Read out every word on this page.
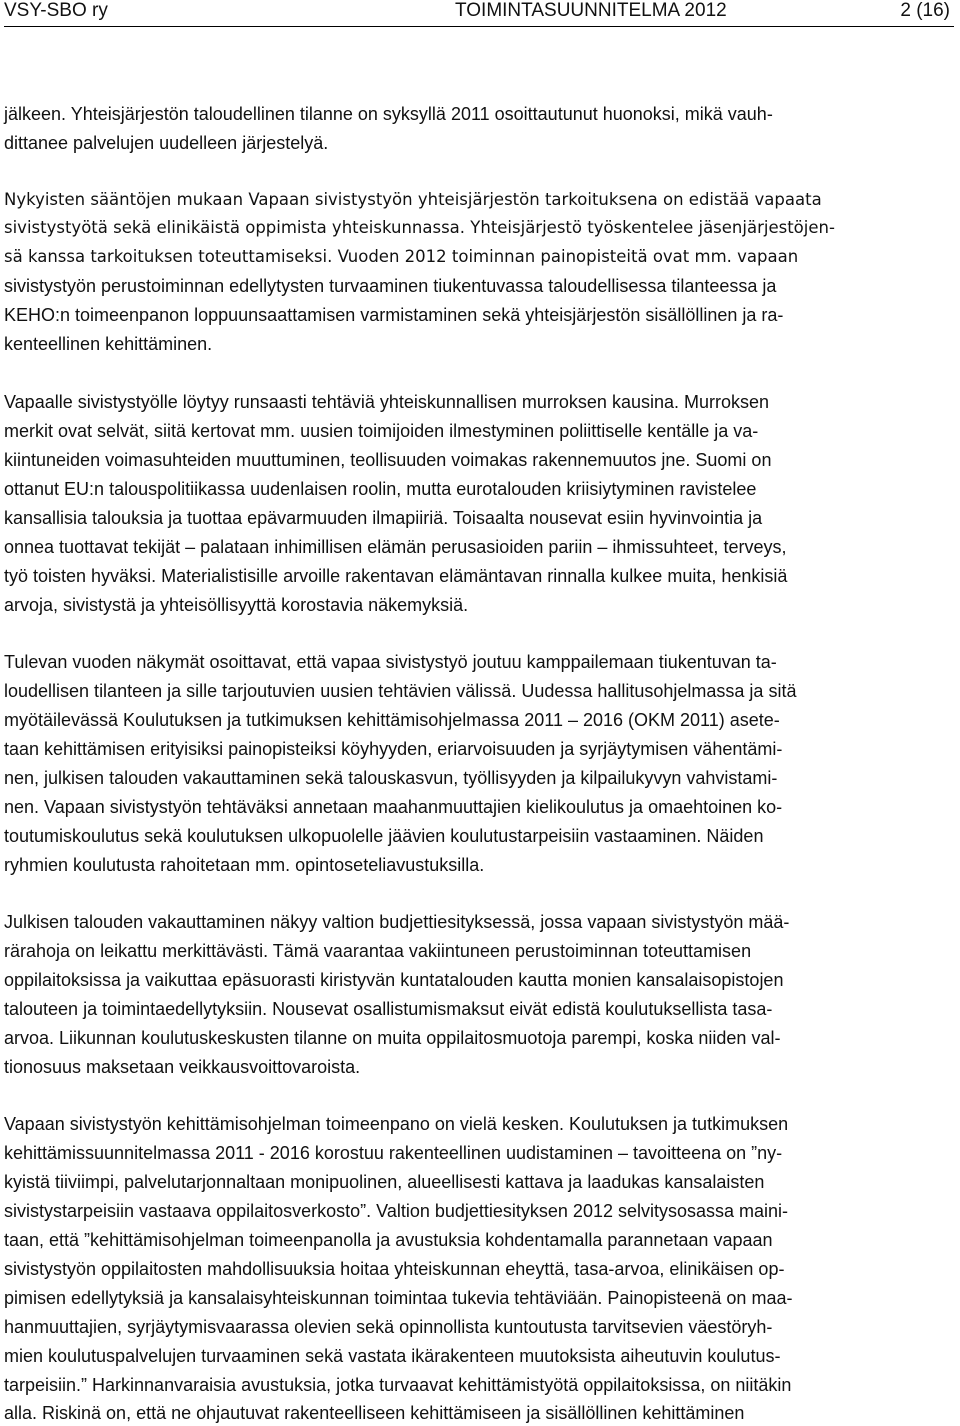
VSY-SBO ry	TOIMINTASUUNNITELMA 2012	2 (16)
jälkeen. Yhteisjärjestön taloudellinen tilanne on syksyllä 2011 osoittautunut huonoksi, mikä vauh-
dittanee palvelujen uudelleen järjestelyä.
Nykyisten sääntöjen mukaan Vapaan sivistystyön yhteisjärjestön tarkoituksena on edistää vapaata
sivistystyötä sekä elinikäistä oppimista yhteiskunnassa. Yhteisjärjestö työskentelee jäsenjärjestöjen-
sä kanssa tarkoituksen toteuttamiseksi. Vuoden 2012 toiminnan painopisteitä ovat mm. vapaan
sivistystyön perustoiminnan edellytysten turvaaminen tiukentuvassa taloudellisessa tilanteessa ja
KEHO:n toimeenpanon loppuunsaattamisen varmistaminen sekä yhteisjärjestön sisällöllinen ja ra-
kenteellinen kehittäminen.
Vapaalle sivistystyölle löytyy runsaasti tehtäviä yhteiskunnallisen murroksen kausina. Murroksen
merkit ovat selvät, siitä kertovat mm. uusien toimijoiden ilmestyminen poliittiselle kentälle ja va-
kiintuneiden voimasuhteiden muuttuminen, teollisuuden voimakas rakennemuutos jne. Suomi on
ottanut EU:n talouspolitiikassa uudenlaisen roolin, mutta eurotalouden kriisiytyminen ravistelee
kansallisia talouksia ja tuottaa epävarmuuden ilmapiiriä. Toisaalta nousevat esiin hyvinvointia ja
onnea tuottavat tekijät – palataan inhimillisen elämän perusasioiden pariin – ihmissuhteet, terveys,
työ toisten hyväksi. Materialistisille arvoille rakentavan elämäntavan rinnalla kulkee muita, henkisiä
arvoja, sivistystä ja yhteisöllisyyttä korostavia näkemyksiä.
Tulevan vuoden näkymät osoittavat, että vapaa sivistystyö joutuu kamppailemaan tiukentuvan ta-
loudellisen tilanteen ja sille tarjoutuvien uusien tehtävien välissä. Uudessa hallitusohjelmassa ja sitä
myötäilevässä Koulutuksen ja tutkimuksen kehittämisohjelmassa 2011 – 2016 (OKM 2011) asete-
taan kehittämisen erityisiksi painopisteiksi köyhyyden, eriarvoisuuden ja syrjäytymisen vähentämi-
nen, julkisen talouden vakauttaminen sekä talouskasvun, työllisyyden ja kilpailukyvyn vahvistami-
nen. Vapaan sivistystyön tehtäväksi annetaan maahanmuuttajien kielikoulutus ja omaehtoinen ko-
toutumiskoulutus sekä koulutuksen ulkopuolelle jäävien koulutustarpeisiin vastaaminen. Näiden
ryhmien koulutusta rahoitetaan mm. opintoseteliavustuksilla.
Julkisen talouden vakauttaminen näkyy valtion budjettiesityksessä, jossa vapaan sivistystyön mää-
rärahoja on leikattu merkittävästi. Tämä vaarantaa vakiintuneen perustoiminnan toteuttamisen
oppilaitoksissa ja vaikuttaa epäsuorasti kiristyvän kuntatalouden kautta monien kansalaisopistojen
talouteen ja toimintaedellytyksiin. Nousevat osallistumismaksut eivät edistä koulutuksellista tasa-
arvoa. Liikunnan koulutuskeskusten tilanne on muita oppilaitosmuotoja parempi, koska niiden val-
tionosuus maksetaan veikkausvoittovaroista.
Vapaan sivistystyön kehittämisohjelman toimeenpano on vielä kesken. Koulutuksen ja tutkimuksen
kehittämissuunnitelmassa 2011 - 2016 korostuu rakenteellinen uudistaminen – tavoitteena on ”ny-
kyistä tiiviimpi, palvelutarjonnaltaan monipuolinen, alueellisesti kattava ja laadukas kansalaisten
sivistystarpeisiin vastaava oppilaitosverkosto”. Valtion budjettiesityksen 2012 selvitysosassa maini-
taan, että ”kehittämisohjelman toimeenpanolla ja avustuksia kohdentamalla parannetaan vapaan
sivistystyön oppilaitosten mahdollisuuksia hoitaa yhteiskunnan eheyttä, tasa-arvoa, elinikäisen op-
pimisen edellytyksiä ja kansalaisyhteiskunnan toimintaa tukevia tehtäviään. Painopisteenä on maa-
hanmuuttajien, syrjäytymisvaarassa olevien sekä opinnollista kuntoutusta tarvitsevien väestöryh-
mien koulutuspalvelujen turvaaminen sekä vastata ikärakenteen muutoksista aiheutuvin koulutus-
tarpeisiin.” Harkinnanvaraisia avustuksia, jotka turvaavat kehittämistyötä oppilaitoksissa, on niitäkin
alla. Riskinä on, että ne ohjautuvat rakenteelliseen kehittämiseen ja sisällöllinen kehittäminen
